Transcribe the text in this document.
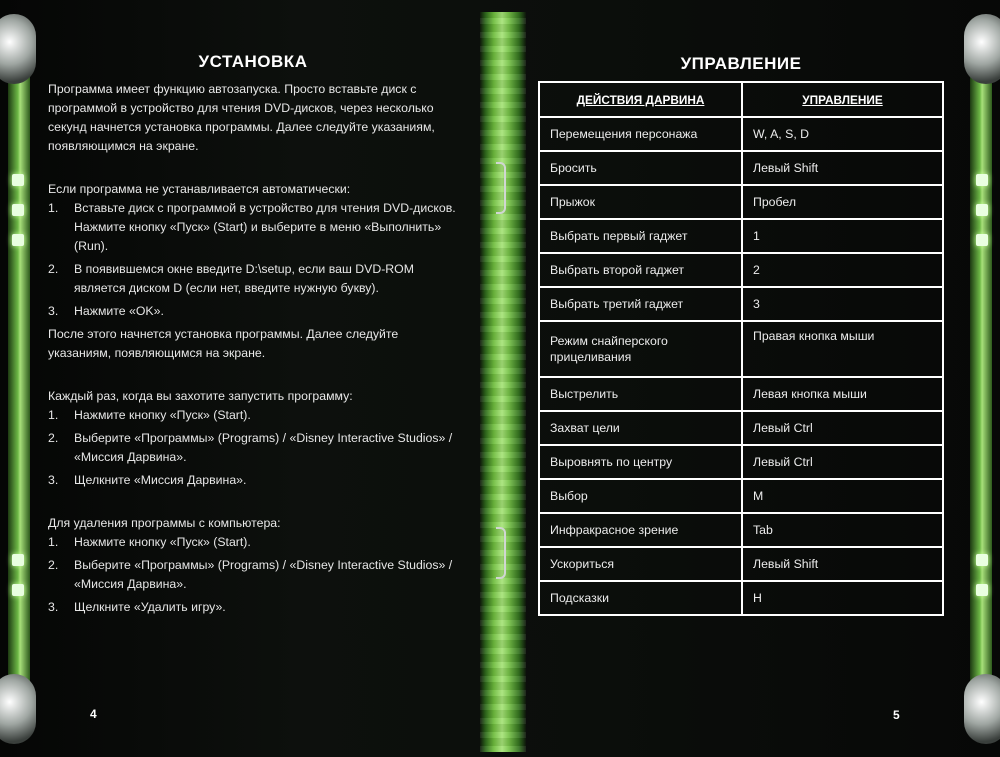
УСТАНОВКА

Программа имеет функцию автозапуска. Просто вставьте диск с программой в устройство для чтения DVD-дисков, через несколько секунд начнется установка программы. Далее следуйте указаниям, появляющимся на экране.

Если программа не устанавливается автоматически:

1. Вставьте диск с программой в устройство для чтения DVD-дисков. Нажмите кнопку «Пуск» (Start) и выберите в меню «Выполнить» (Run).
2. В появившемся окне введите D:\setup, если ваш DVD-ROM является диском D (если нет, введите нужную букву).
3. Нажмите «OK».

После этого начнется установка программы. Далее следуйте указаниям, появляющимся на экране.

Каждый раз, когда вы захотите запустить программу:

1. Нажмите кнопку «Пуск» (Start).
2. Выберите «Программы» (Programs) / «Disney Interactive Studios» / «Миссия Дарвина».
3. Щелкните «Миссия Дарвина».

Для удаления программы с компьютера:

1. Нажмите кнопку «Пуск» (Start).
2. Выберите «Программы» (Programs) / «Disney Interactive Studios» / «Миссия Дарвина».
3. Щелкните «Удалить игру».
4
УПРАВЛЕНИЕ
ДЕЙСТВИЯ ДАРВИНА	УПРАВЛЕНИЕ
Перемещения персонажа	W, A, S, D
Бросить	Левый Shift
Прыжок	Пробел
Выбрать первый гаджет	1
Выбрать второй гаджет	2
Выбрать третий гаджет	3
Режим снайперского прицеливания	Правая кнопка мыши
Выстрелить	Левая кнопка мыши
Захват цели	Левый Ctrl
Выровнять по центру	Левый Ctrl
Выбор	M
Инфракрасное зрение	Tab
Ускориться	Левый Shift
Подсказки	H
5
